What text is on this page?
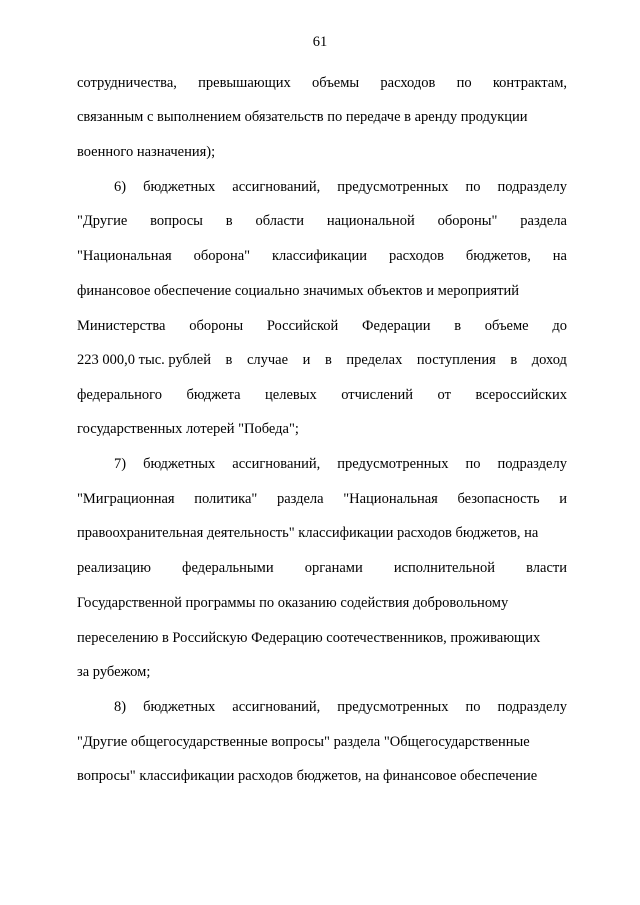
61
сотрудничества, превышающих объемы расходов по контрактам,
связанным с выполнением обязательств по передаче в аренду продукции
военного назначения);
6) бюджетных ассигнований, предусмотренных по подразделу
"Другие вопросы в области национальной обороны" раздела
"Национальная оборона" классификации расходов бюджетов, на
финансовое обеспечение социально значимых объектов и мероприятий
Министерства обороны Российской Федерации в объеме до
223 000,0 тыс. рублей в случае и в пределах поступления в доход
федерального бюджета целевых отчислений от всероссийских
государственных лотерей "Победа";
7) бюджетных ассигнований, предусмотренных по подразделу
"Миграционная политика" раздела "Национальная безопасность и
правоохранительная деятельность" классификации расходов бюджетов, на
реализацию федеральными органами исполнительной власти
Государственной программы по оказанию содействия добровольному
переселению в Российскую Федерацию соотечественников, проживающих
за рубежом;
8) бюджетных ассигнований, предусмотренных по подразделу
"Другие общегосударственные вопросы" раздела "Общегосударственные
вопросы" классификации расходов бюджетов, на финансовое обеспечение
